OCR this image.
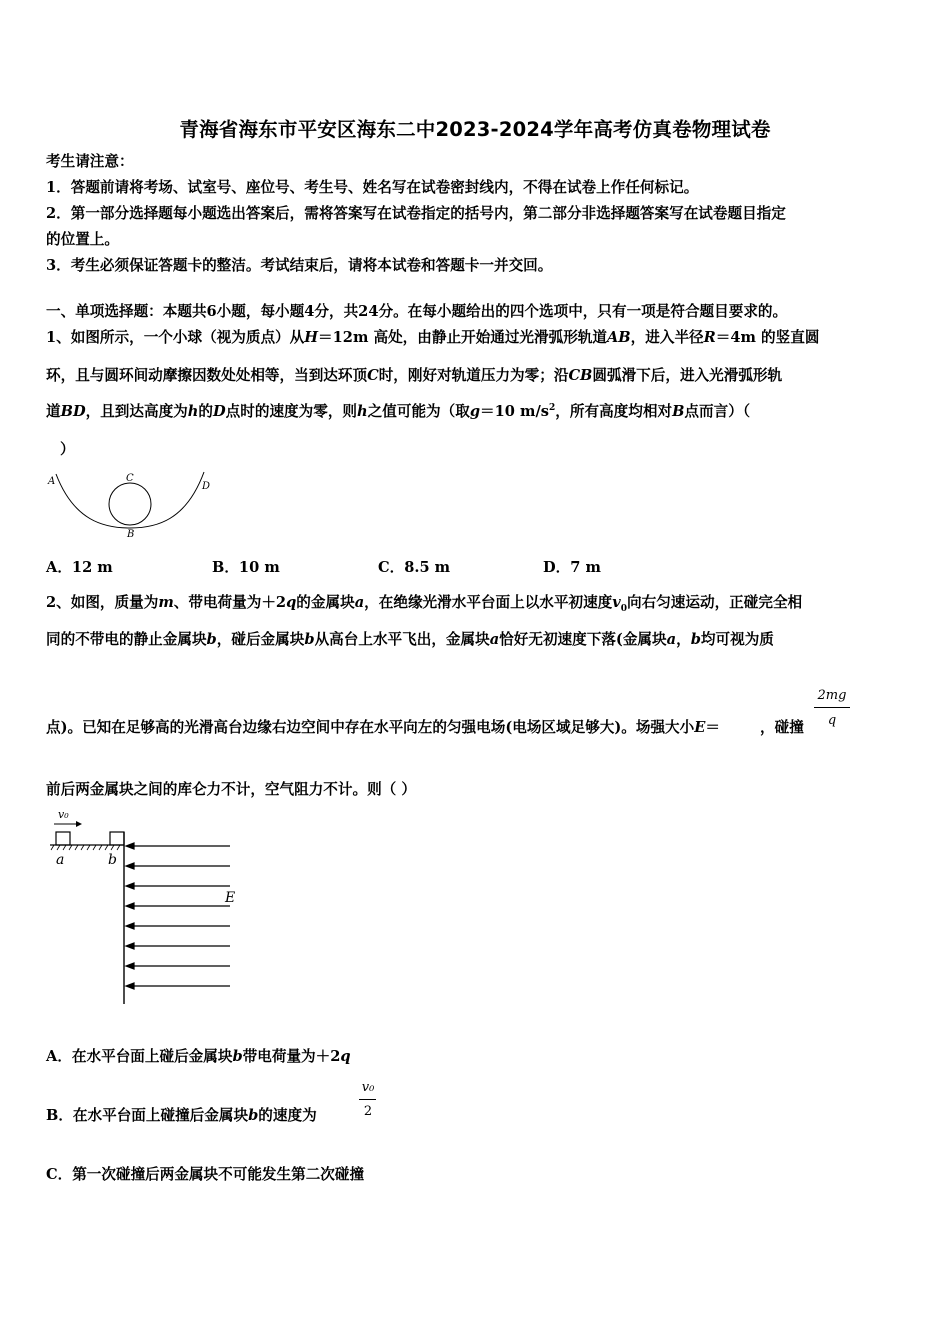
青海省海东市平安区海东二中2023-2024学年高考仿真卷物理试卷
考生请注意：
1．答题前请将考场、试室号、座位号、考生号、姓名写在试卷密封线内，不得在试卷上作任何标记。
2．第一部分选择题每小题选出答案后，需将答案写在试卷指定的括号内，第二部分非选择题答案写在试卷题目指定
的位置上。
3．考生必须保证答题卡的整洁。考试结束后，请将本试卷和答题卡一并交回。
一、单项选择题：本题共6小题，每小题4分，共24分。在每小题给出的四个选项中，只有一项是符合题目要求的。
1、如图所示，一个小球（视为质点）从H＝12m 高处，由静止开始通过光滑弧形轨道AB，进入半径R＝4m 的竖直圆
环，且与圆环间动摩擦因数处处相等，当到达环顶C时，刚好对轨道压力为零；沿CB圆弧滑下后，进入光滑弧形轨
道BD，且到达高度为h的D点时的速度为零，则h之值可能为（取g＝10 $m/s^2$，所有高度均相对B点而言）（
）
A	C
D
B
A．12 m	B．10 m	C．8.5 m	D．7 m
2、如图，质量为m、带电荷量为＋2q的金属块a，在绝缘光滑水平台面上以水平初速度$v_0$向右匀速运动，正碰完全相
同的不带电的静止金属块b，碰后金属块b从高台上水平飞出，金属块a恰好无初速度下落(金属块a，b均可视为质
点)。已知在足够高的光滑高台边缘右边空间中存在水平向左的匀强电场(电场区域足够大)。场强大小E＝	，碰撞
2mg
q
前后两金属块之间的库仑力不计，空气阻力不计。则（ ）
v₀
a	b
E
A．在水平台面上碰后金属块b带电荷量为＋2q
B．在水平台面上碰撞后金属块b的速度为
v₀
2
C．第一次碰撞后两金属块不可能发生第二次碰撞
